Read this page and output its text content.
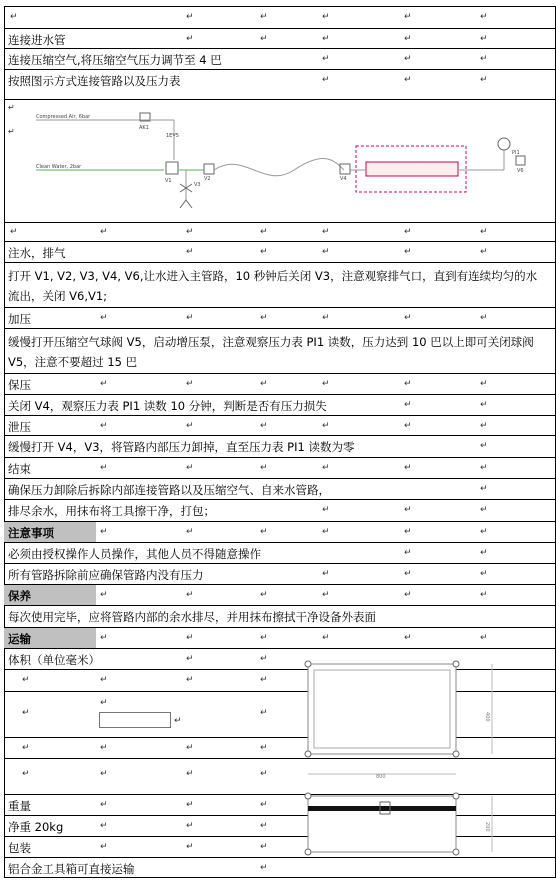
↵	↵	↵	↵	↵	↵
连接进水管	↵	↵	↵	↵	↵
连接压缩空气,将压缩空气压力调节至 4 巴	↵	↵	↵
按照图示方式连接管路以及压力表	↵	↵	↵
↵
↵
Compressed Air, 6bar
AK1
1EV5
Clean Water, 2bar
V1	V2
V3
V4
PI1
V6
↵	↵	↵	↵	↵	↵	↵
注水，排气	↵	↵	↵	↵	↵
打开 V1, V2, V3, V4, V6,让水进入主管路，10 秒钟后关闭 V3，注意观察排气口，直到有连续均匀的水流出，关闭 V6,V1;
加压	↵	↵	↵	↵	↵	↵
缓慢打开压缩空气球阀 V5，启动增压泵，注意观察压力表 PI1 读数，压力达到 10 巴以上即可关闭球阀 V5，注意不要超过 15 巴
保压	↵	↵	↵	↵	↵	↵
关闭 V4，观察压力表 PI1 读数 10 分钟，判断是否有压力损失	↵	↵
泄压	↵	↵	↵	↵	↵	↵
缓慢打开 V4，V3，将管路内部压力卸掉，直至压力表 PI1 读数为零	↵
结束	↵	↵	↵	↵	↵	↵
确保压力卸除后拆除内部连接管路以及压缩空气、自来水管路，	↵
排尽余水，用抹布将工具擦干净，打包；	↵	↵	↵
注意事项	↵	↵	↵	↵	↵	↵
必须由授权操作人员操作，其他人员不得随意操作	↵	↵
所有管路拆除前应确保管路内没有压力	↵	↵	↵
保养	↵	↵	↵	↵	↵	↵
每次使用完毕，应将管路内部的余水排尽，并用抹布擦拭干净设备外表面
运输	↵	↵	↵	↵	↵	↵
体积（单位毫米）	↵	↵
↵	↵	↵	↵
↵
↵
↵
↵
↵	↵	↵	↵
↵	↵	↵	↵
重量	↵	↵	↵
净重 20kg	↵	↵	↵
包装	↵	↵	↵
铝合金工具箱可直接运输	↵
800
400
200
